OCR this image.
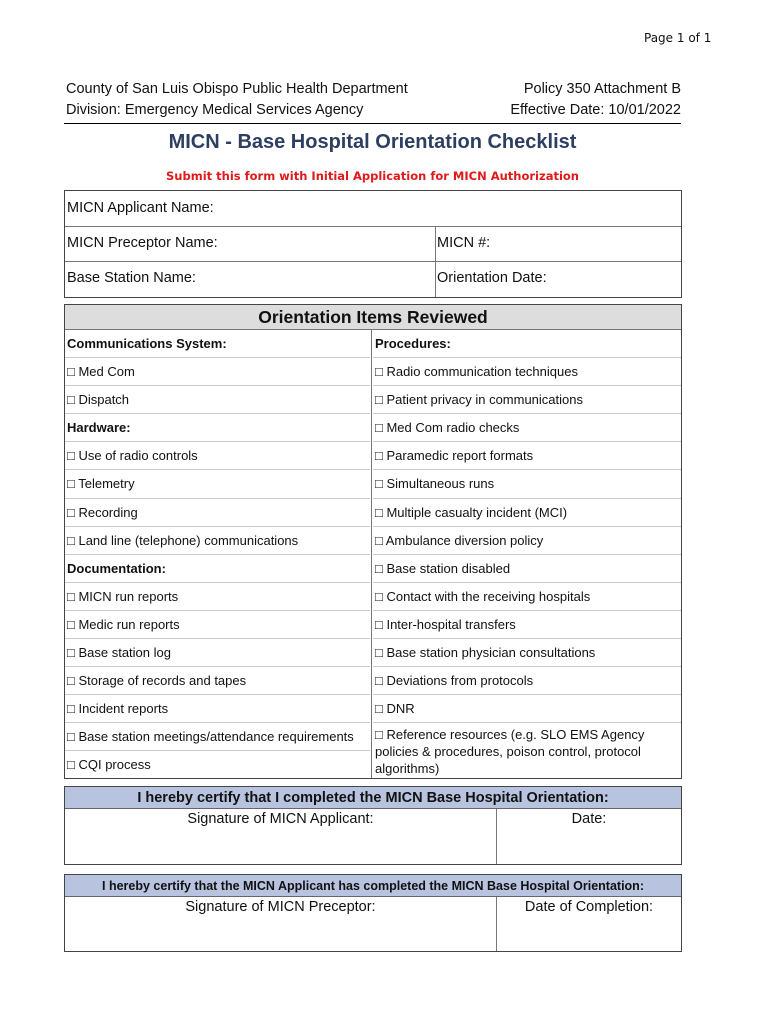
Page 1 of 1
County of San Luis Obispo Public Health Department
Division: Emergency Medical Services Agency
Policy 350 Attachment B
Effective Date: 10/01/2022
MICN - Base Hospital Orientation Checklist
Submit this form with Initial Application for MICN Authorization
MICN Applicant Name:
MICN Preceptor Name:	MICN #:
Base Station Name:	Orientation Date:
Orientation Items Reviewed
Communications System:
□ Med Com
□ Dispatch
Hardware:
□ Use of radio controls
□ Telemetry
□ Recording
□ Land line (telephone) communications
Documentation:
□ MICN run reports
□ Medic run reports
□ Base station log
□ Storage of records and tapes
□ Incident reports
□ Base station meetings/attendance requirements
□ CQI process
Procedures:
□ Radio communication techniques
□ Patient privacy in communications
□ Med Com radio checks
□ Paramedic report formats
□ Simultaneous runs
□ Multiple casualty incident (MCI)
□ Ambulance diversion policy
□ Base station disabled
□ Contact with the receiving hospitals
□ Inter-hospital transfers
□ Base station physician consultations
□ Deviations from protocols
□ DNR
□ Reference resources (e.g. SLO EMS Agency policies & procedures, poison control, protocol algorithms)
I hereby certify that I completed the MICN Base Hospital Orientation:
Signature of MICN Applicant:	Date:
I hereby certify that the MICN Applicant has completed the MICN Base Hospital Orientation:
Signature of MICN Preceptor:	Date of Completion:
